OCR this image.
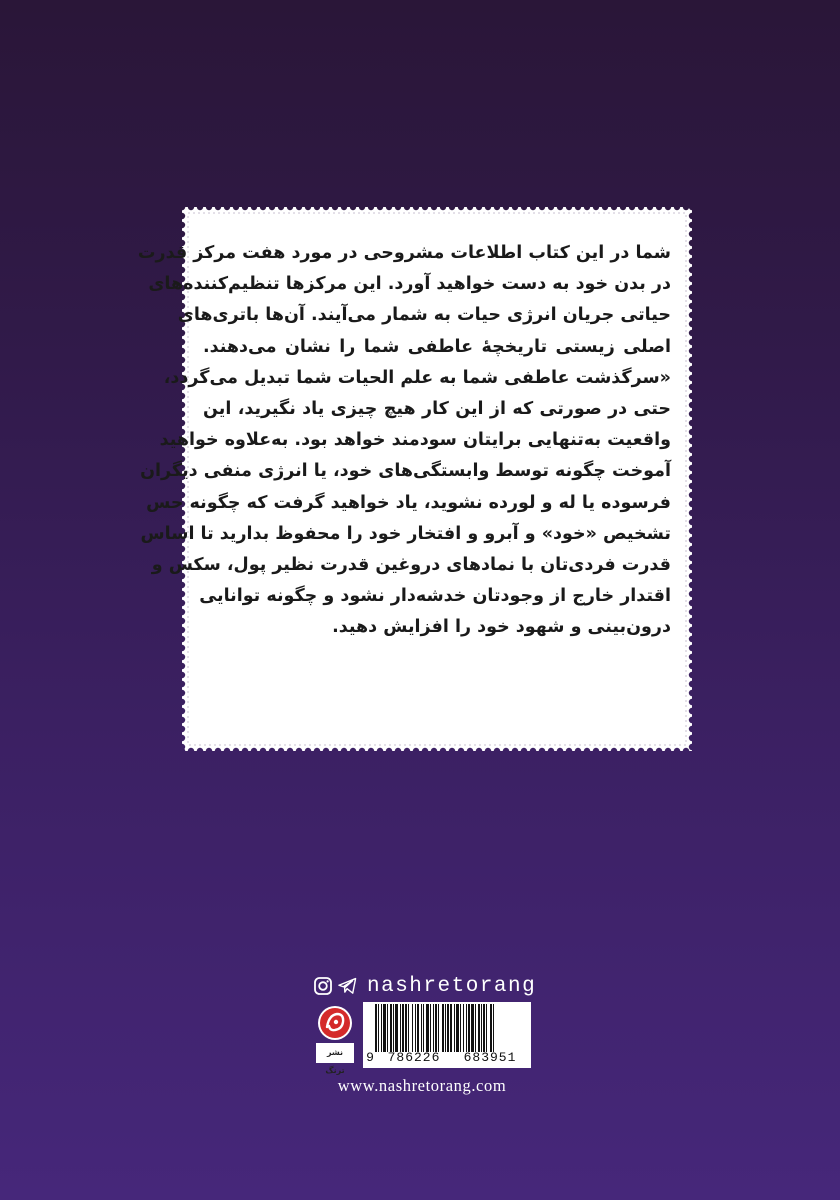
شما در این کتاب اطلاعات مشروحی در مورد هفت مرکز قدرت
در بدن خود به دست خواهید آورد. این مرکزها تنظیم‌کننده‌های
حیاتی جریان انرژی حیات به شمار می‌آیند. آن‌ها باتری‌های
اصلی زیستی تاریخچهٔ عاطفی شما را نشان می‌دهند.
«سرگذشت عاطفی شما به علم الحیات شما تبدیل می‌گردد،
حتی در صورتی که از این کار هیچ چیزی یاد نگیرید، این
واقعیت به‌تنهایی برایتان سودمند خواهد بود. به‌علاوه خواهید
آموخت چگونه توسط وابستگی‌های خود، یا انرژی منفی دیگران
فرسوده یا له و لورده نشوید، یاد خواهید گرفت که چگونه حس
تشخیص «خود» و آبرو و افتخار خود را محفوظ بدارید تا اساس
قدرت فردی‌تان با نمادهای دروغین قدرت نظیر پول، سکس و
اقتدار خارج از وجودتان خدشه‌دار نشود و چگونه توانایی
درون‌بینی و شهود خود را افزایش دهید.
nashretorang
نشر ترنگ
9	786226	683951
www.nashretorang.com
